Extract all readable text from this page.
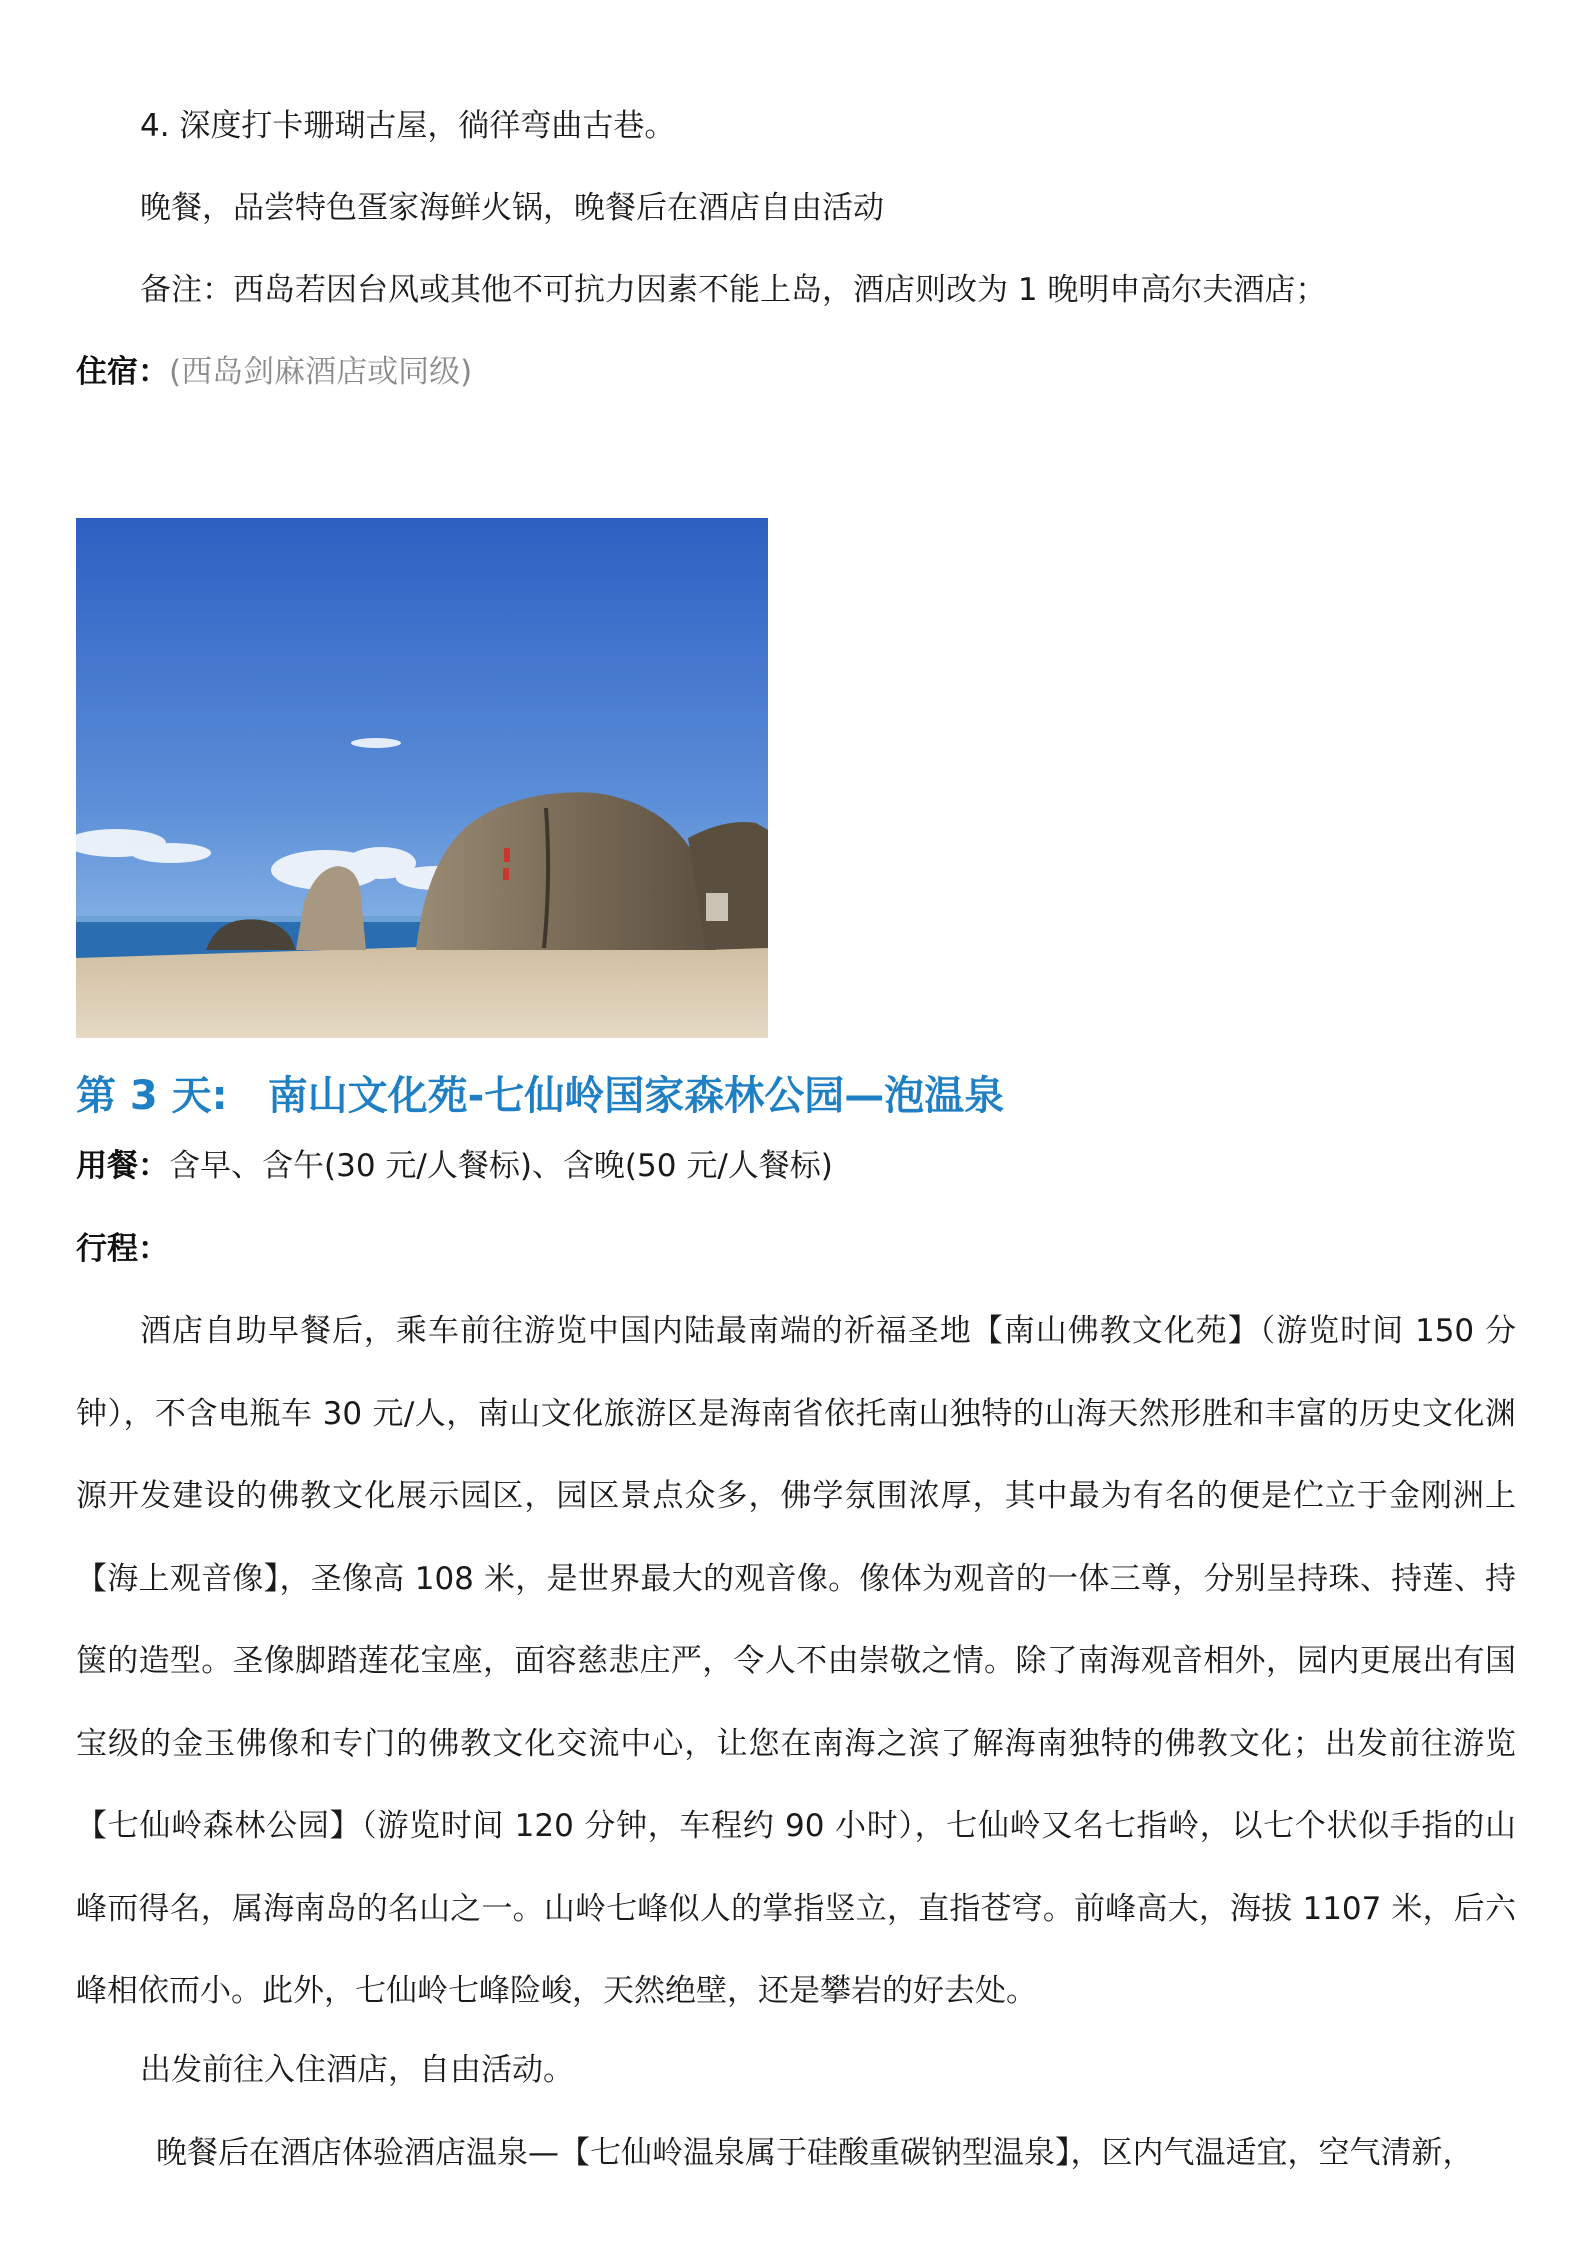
4. 深度打卡珊瑚古屋，徜徉弯曲古巷。
晚餐，品尝特色疍家海鲜火锅，晚餐后在酒店自由活动
备注：西岛若因台风或其他不可抗力因素不能上岛，酒店则改为 1 晚明申高尔夫酒店；
住宿：(西岛剑麻酒店或同级)
第 3 天: 南山文化苑-七仙岭国家森林公园—泡温泉
用餐：含早、含午(30 元/人餐标)、含晚(50 元/人餐标)
行程：
酒店自助早餐后，乘车前往游览中国内陆最南端的祈福圣地【南山佛教文化苑】（游览时间 150 分钟），不含电瓶车 30 元/人，南山文化旅游区是海南省依托南山独特的山海天然形胜和丰富的历史文化渊源开发建设的佛教文化展示园区，园区景点众多，佛学氛围浓厚，其中最为有名的便是伫立于金刚洲上【海上观音像】，圣像高 108 米，是世界最大的观音像。像体为观音的一体三尊，分别呈持珠、持莲、持箧的造型。圣像脚踏莲花宝座，面容慈悲庄严，令人不由崇敬之情。除了南海观音相外，园内更展出有国宝级的金玉佛像和专门的佛教文化交流中心，让您在南海之滨了解海南独特的佛教文化；出发前往游览【七仙岭森林公园】（游览时间 120 分钟，车程约 90 小时），七仙岭又名七指岭，以七个状似手指的山峰而得名，属海南岛的名山之一。山岭七峰似人的掌指竖立，直指苍穹。前峰高大，海拔 1107 米，后六峰相依而小。此外，七仙岭七峰险峻，天然绝壁，还是攀岩的好去处。
出发前往入住酒店，自由活动。
晚餐后在酒店体验酒店温泉—【七仙岭温泉属于硅酸重碳钠型温泉】，区内气温适宜，空气清新，
